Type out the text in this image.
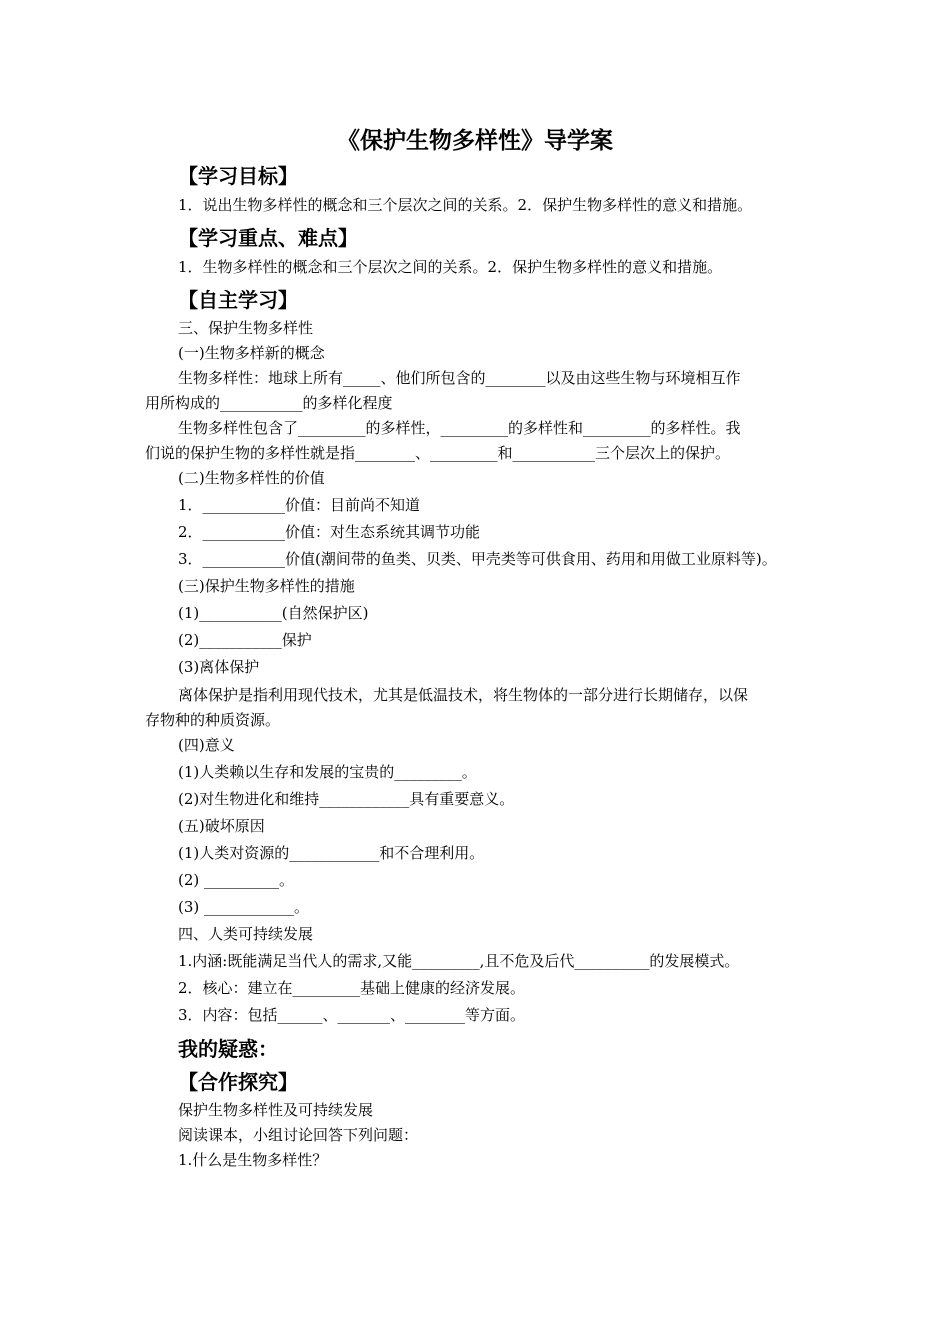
《保护生物多样性》导学案
【学习目标】
1．说出生物多样性的概念和三个层次之间的关系。2．保护生物多样性的意义和措施。
【学习重点、难点】
1．生物多样性的概念和三个层次之间的关系。2．保护生物多样性的意义和措施。
【自主学习】
三、保护生物多样性
(一)生物多样新的概念
生物多样性：地球上所有_____、他们所包含的________以及由这些生物与环境相互作
用所构成的___________的多样化程度
生物多样性包含了_________的多样性，_________的多样性和_________的多样性。我
们说的保护生物的多样性就是指________、_________和___________三个层次上的保护。
(二)生物多样性的价值
1．___________价值：目前尚不知道
2．___________价值：对生态系统其调节功能
3．___________价值(潮间带的鱼类、贝类、甲壳类等可供食用、药用和用做工业原料等)。
(三)保护生物多样性的措施
(1)___________(自然保护区)
(2)___________保护
(3)离体保护
离体保护是指利用现代技术，尤其是低温技术，将生物体的一部分进行长期储存，以保
存物种的种质资源。
(四)意义
(1)人类赖以生存和发展的宝贵的_________。
(2)对生物进化和维持____________具有重要意义。
(五)破坏原因
(1)人类对资源的____________和不合理利用。
(2) __________。
(3) ____________。
四、人类可持续发展
1.内涵:既能满足当代人的需求,又能_________,且不危及后代__________的发展模式。
2．核心：建立在_________基础上健康的经济发展。
3．内容：包括______、_______、________等方面。
我的疑惑：
【合作探究】
保护生物多样性及可持续发展
阅读课本，小组讨论回答下列问题：
1.什么是生物多样性？
